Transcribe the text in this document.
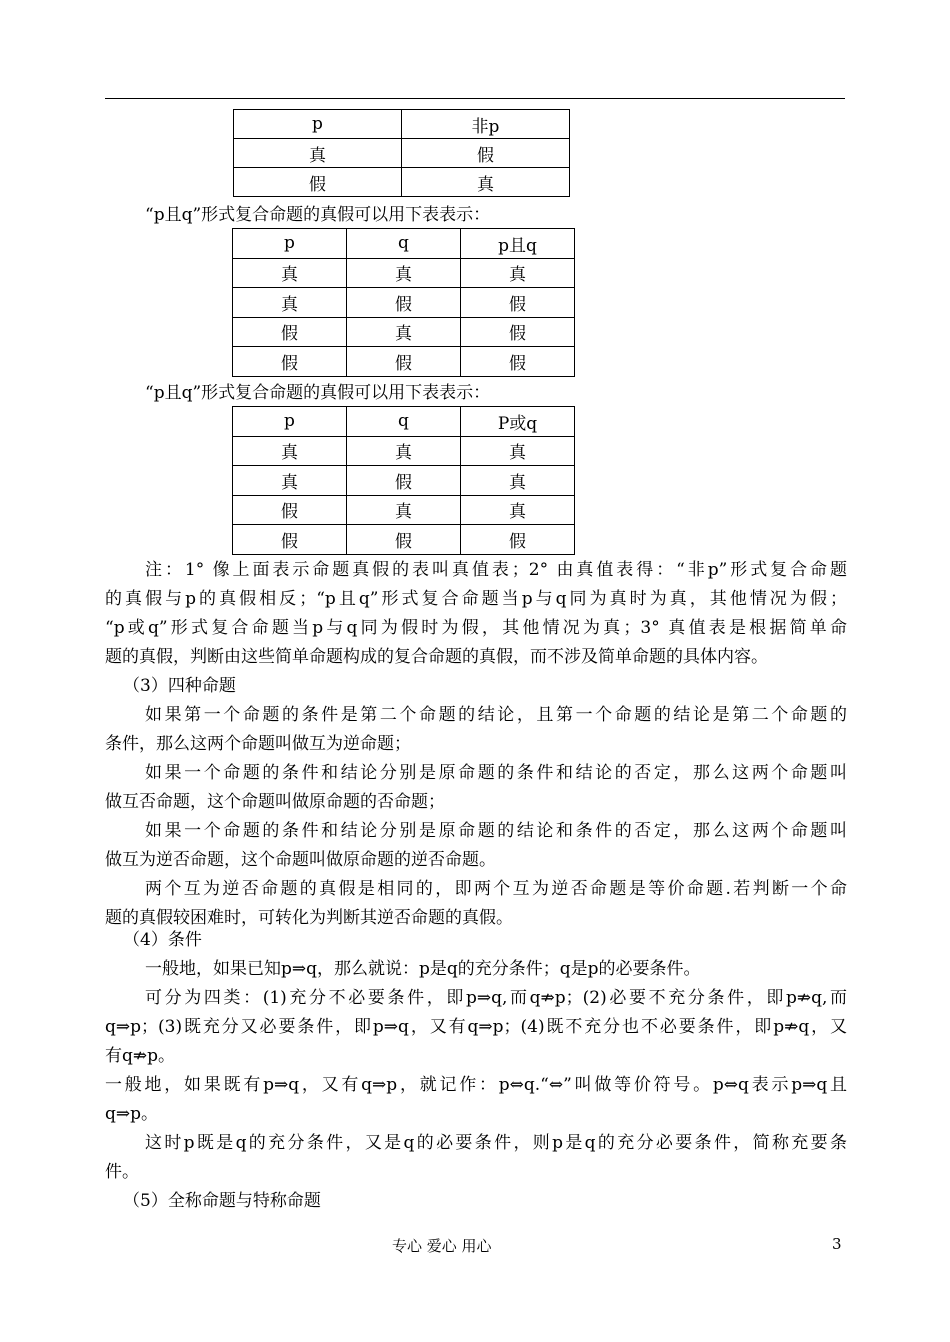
p	非p
真	假
假	真
“p且q”形式复合命题的真假可以用下表表示：
p	q	p且q
真	真	真
真	假	假
假	真	假
假	假	假
“p且q”形式复合命题的真假可以用下表表示：
p	q	P或q
真	真	真
真	假	真
假	真	真
假	假	假
注：1° 像上面表示命题真假的表叫真值表；2° 由真值表得：“非p”形式复合命题
的真假与p的真假相反；“p且q”形式复合命题当p与q同为真时为真，其他情况为假；
“p或q”形式复合命题当p与q同为假时为假，其他情况为真；3° 真值表是根据简单命
题的真假，判断由这些简单命题构成的复合命题的真假，而不涉及简单命题的具体内容。
（3）四种命题
如果第一个命题的条件是第二个命题的结论，且第一个命题的结论是第二个命题的
条件，那么这两个命题叫做互为逆命题；
如果一个命题的条件和结论分别是原命题的条件和结论的否定，那么这两个命题叫
做互否命题，这个命题叫做原命题的否命题；
如果一个命题的条件和结论分别是原命题的结论和条件的否定，那么这两个命题叫
做互为逆否命题，这个命题叫做原命题的逆否命题。
两个互为逆否命题的真假是相同的，即两个互为逆否命题是等价命题.若判断一个命
题的真假较困难时，可转化为判断其逆否命题的真假。
（4）条件
一般地，如果已知p⇒q，那么就说：p是q的充分条件；q是p的必要条件。
可分为四类：(1)充分不必要条件，即p⇒q,而q⇏p；(2)必要不充分条件，即p⇏q,而
q⇒p；(3)既充分又必要条件，即p⇒q，又有q⇒p；(4)既不充分也不必要条件，即p⇏q，又
有q⇏p。
一般地，如果既有p⇒q，又有q⇒p，就记作：p⇔q.“⇔”叫做等价符号。p⇔q表示p⇒q且
q⇒p。
这时p既是q的充分条件，又是q的必要条件，则p是q的充分必要条件，简称充要条
件。
专心 爱心 用心	3
（5）全称命题与特称命题
